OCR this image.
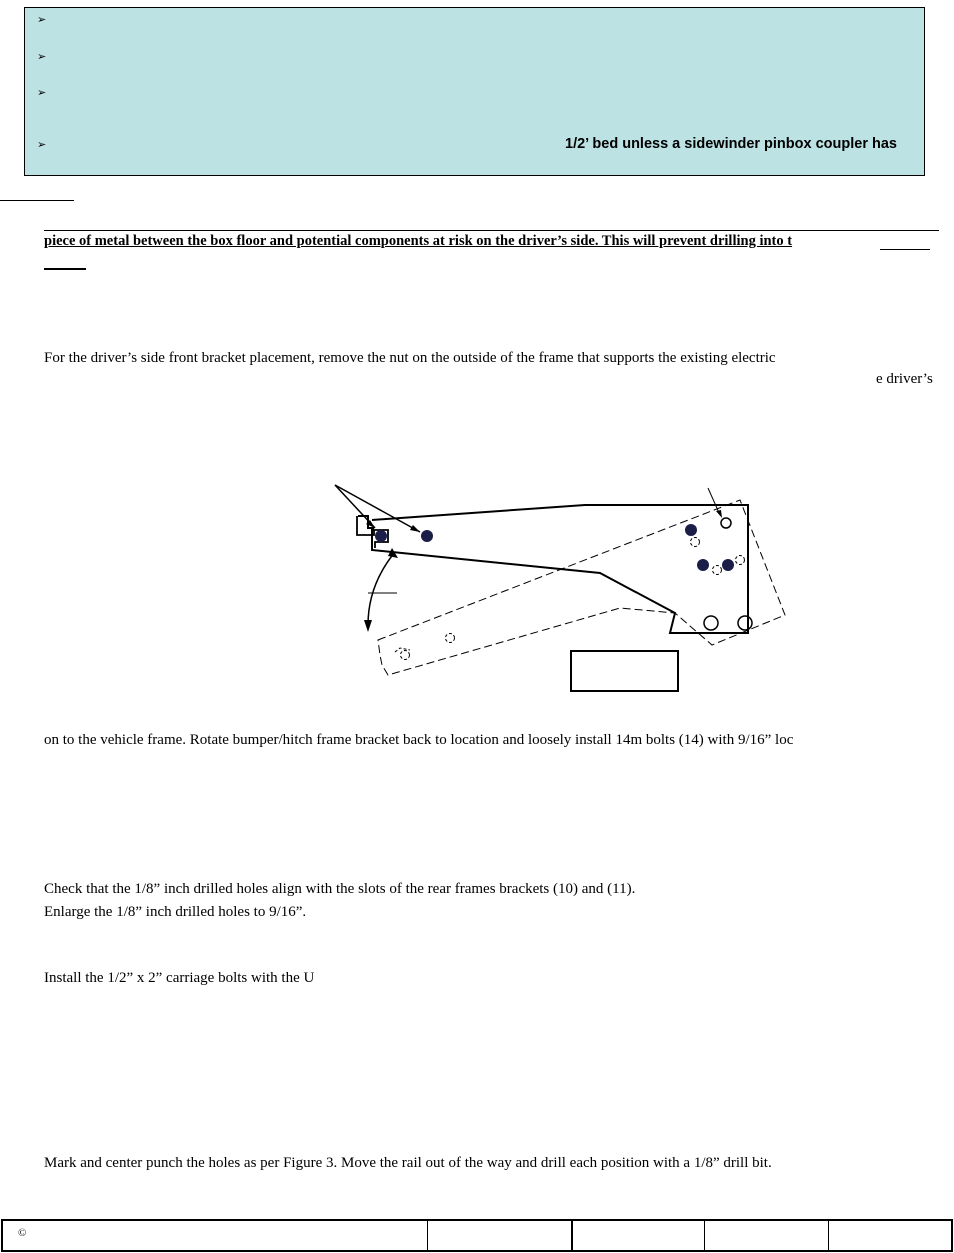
➢
➢
➢
➢	1/2’ bed unless a sidewinder pinbox coupler has
piece of metal between the box floor and potential components at risk on the driver’s side. This will prevent drilling into t
For the driver’s side front bracket placement, remove the nut on the outside of the frame that supports the existing electric
e driver’s
on to the vehicle frame. Rotate bumper/hitch frame bracket back to location and loosely install 14m bolts (14) with 9/16” loc
Check that the 1/8” inch drilled holes align with the slots of the rear frames brackets (10) and (11).
Enlarge the 1/8” inch drilled holes to 9/16”.
Install the 1/2” x 2” carriage bolts with the U
Mark and center punch the holes as per Figure 3. Move the rail out of the way and drill each position with a 1/8” drill bit.
©
